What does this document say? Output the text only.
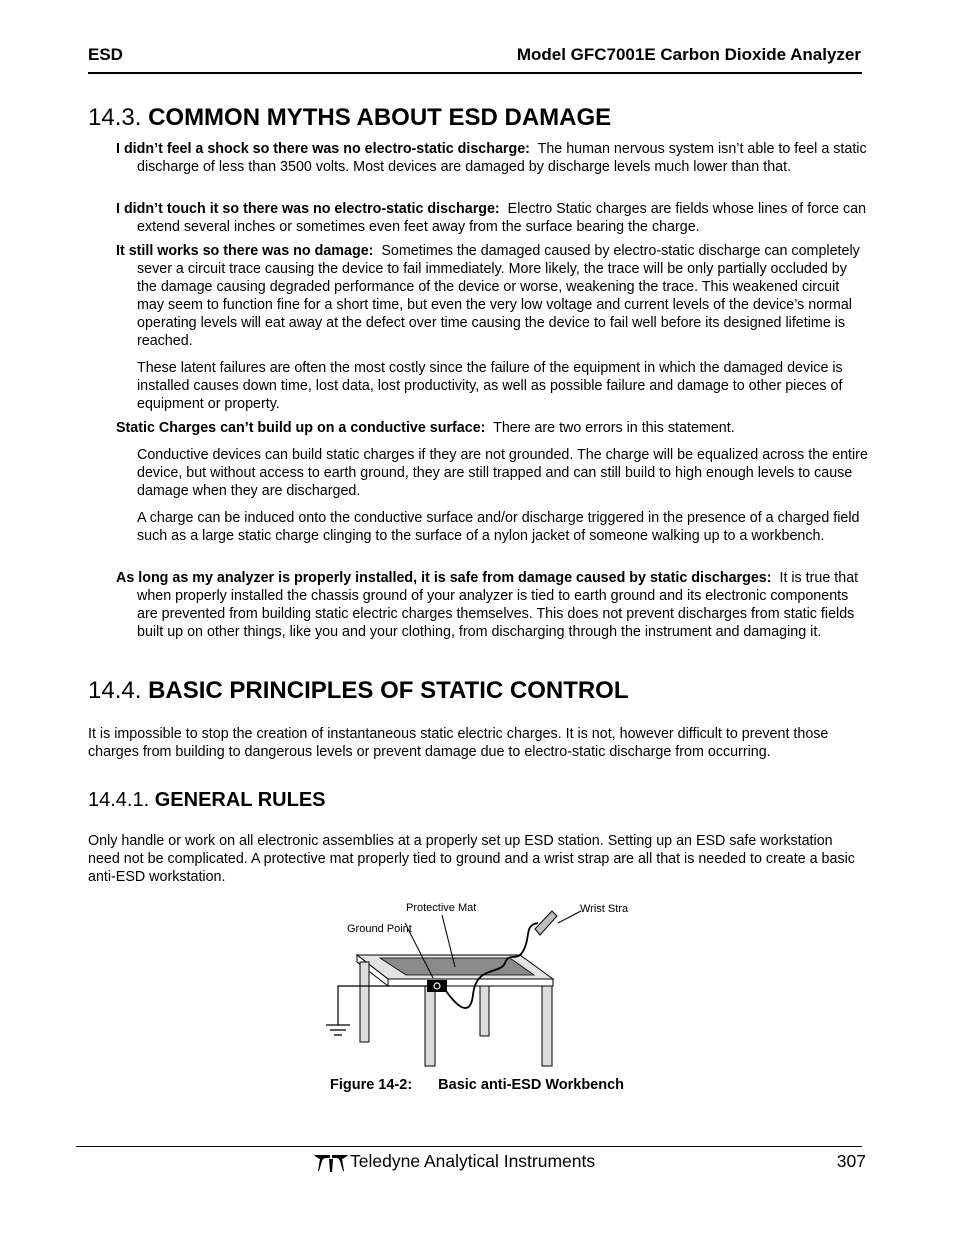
ESD	Model GFC7001E Carbon Dioxide Analyzer
14.3. COMMON MYTHS ABOUT ESD DAMAGE

I didn’t feel a shock so there was no electro-static discharge: The human nervous system isn’t able to feel a static discharge of less than 3500 volts. Most devices are damaged by discharge levels much lower than that.

I didn’t touch it so there was no electro-static discharge: Electro Static charges are fields whose lines of force can extend several inches or sometimes even feet away from the surface bearing the charge.

It still works so there was no damage: Sometimes the damaged caused by electro-static discharge can completely sever a circuit trace causing the device to fail immediately. More likely, the trace will be only partially occluded by the damage causing degraded performance of the device or worse, weakening the trace. This weakened circuit may seem to function fine for a short time, but even the very low voltage and current levels of the device’s normal operating levels will eat away at the defect over time causing the device to fail well before its designed lifetime is reached.

These latent failures are often the most costly since the failure of the equipment in which the damaged device is installed causes down time, lost data, lost productivity, as well as possible failure and damage to other pieces of equipment or property.

Static Charges can’t build up on a conductive surface: There are two errors in this statement.

Conductive devices can build static charges if they are not grounded. The charge will be equalized across the entire device, but without access to earth ground, they are still trapped and can still build to high enough levels to cause damage when they are discharged.

A charge can be induced onto the conductive surface and/or discharge triggered in the presence of a charged field such as a large static charge clinging to the surface of a nylon jacket of someone walking up to a workbench.

As long as my analyzer is properly installed, it is safe from damage caused by static discharges: It is true that when properly installed the chassis ground of your analyzer is tied to earth ground and its electronic components are prevented from building static electric charges themselves. This does not prevent discharges from static fields built up on other things, like you and your clothing, from discharging through the instrument and damaging it.

14.4. BASIC PRINCIPLES OF STATIC CONTROL

It is impossible to stop the creation of instantaneous static electric charges. It is not, however difficult to prevent those charges from building to dangerous levels or prevent damage due to electro-static discharge from occurring.

14.4.1. GENERAL RULES

Only handle or work on all electronic assemblies at a properly set up ESD station. Setting up an ESD safe workstation need not be complicated. A protective mat properly tied to ground and a wrist strap are all that is needed to create a basic anti-ESD workstation.

Protective Mat	Wrist Stra
Ground Point
Figure 14-2: Basic anti-ESD Workbench
Teledyne Analytical Instruments	307
